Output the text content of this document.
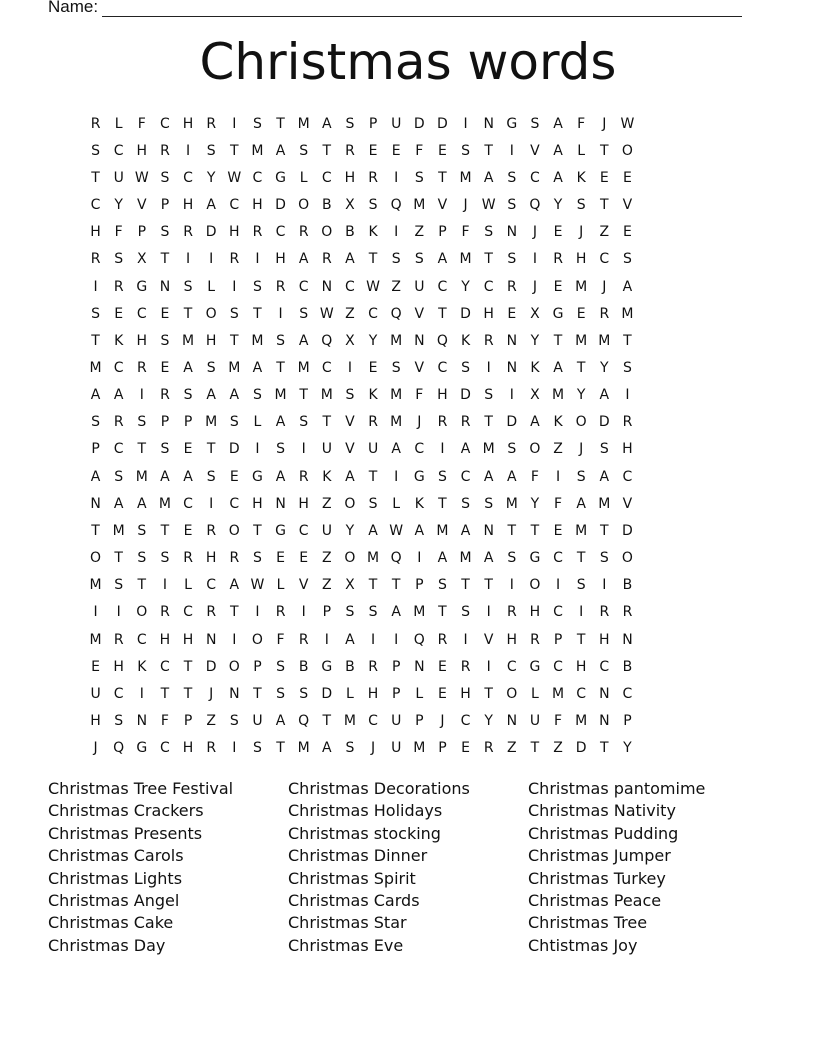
Name:
Christmas words
R	L	F	C H R	I	S	T M A S	P U D D	I	N G S A	F	J	W
S C H R	I	S	T M A S	T R E	E	F	E	S	T	I	V A	L	T O
T U W S C Y W C G L	C H R	I	S	T M A S C A K	E	E
C Y	V	P H A C H D O B X S Q M V	J	W S Q Y	S	T	V
H F	P	S R D H R C R O B K	I	Z	P	F	S N	J	E	J	Z E
R S X	T	I	I	R	I	H A R A	T	S	S A M T	S	I	R H C S
I	R G N S	L	I	S R C N C W Z U C Y C R	J	E M	J	A
S	E C E	T O S	T	I	S W Z C Q V	T D H E X G E R M
T	K H S M H T M S A Q X	Y M N Q K R N Y	T M M T
M C R E A S M A	T M C	I	E	S V C S	I	N K A	T	Y	S
A A	I	R S A A S M T M S	K M F H D S	I	X M Y	A	I
S R S	P	P M S	L	A S	T	V R M	J	R R T D A K O D R
P	C T	S	E	T D	I	S	I	U V U A C	I	A M S O Z	J	S H
A S M A A S	E G A R K A	T	I	G S C A A	F	I	S A C
N A A M C	I	C H N H Z O S	L	K	T	S	S M Y	F	A M V
T M S	T	E R O T G C U Y	A W A M A N T	T	E M T D
O T	S	S R H R S	E	E Z O M Q	I	A M A S G C T	S O
M S	T	I	L	C A W L	V Z X	T	T	P	S	T	T	I	O	I	S	I	B
I	I	O R C R T	I	R	I	P	S	S A M T	S	I	R H C	I	R R
M R C H H N	I	O F	R	I	A	I	I	Q R	I	V H R	P	T H N
E H K C T D O P	S B G B R	P N E R	I	C G C H C B
U C	I	T	T	J	N T	S	S D L H P	L	E H T O L M C N C
H S N F	P	Z S U A Q T M C U P	J	C Y N U F M N P
J	Q G C H R	I	S	T M A S	J	U M P	E R Z	T	Z D T	Y
Christmas Tree Festival
Christmas Crackers
Christmas Presents
Christmas Carols
Christmas Lights
Christmas Angel
Christmas Cake
Christmas Day
Christmas Decorations
Christmas Holidays
Christmas stocking
Christmas Dinner
Christmas Spirit
Christmas Cards
Christmas Star
Christmas Eve
Christmas pantomime
Christmas Nativity
Christmas Pudding
Christmas Jumper
Christmas Turkey
Christmas Peace
Christmas Tree
Chtistmas Joy
